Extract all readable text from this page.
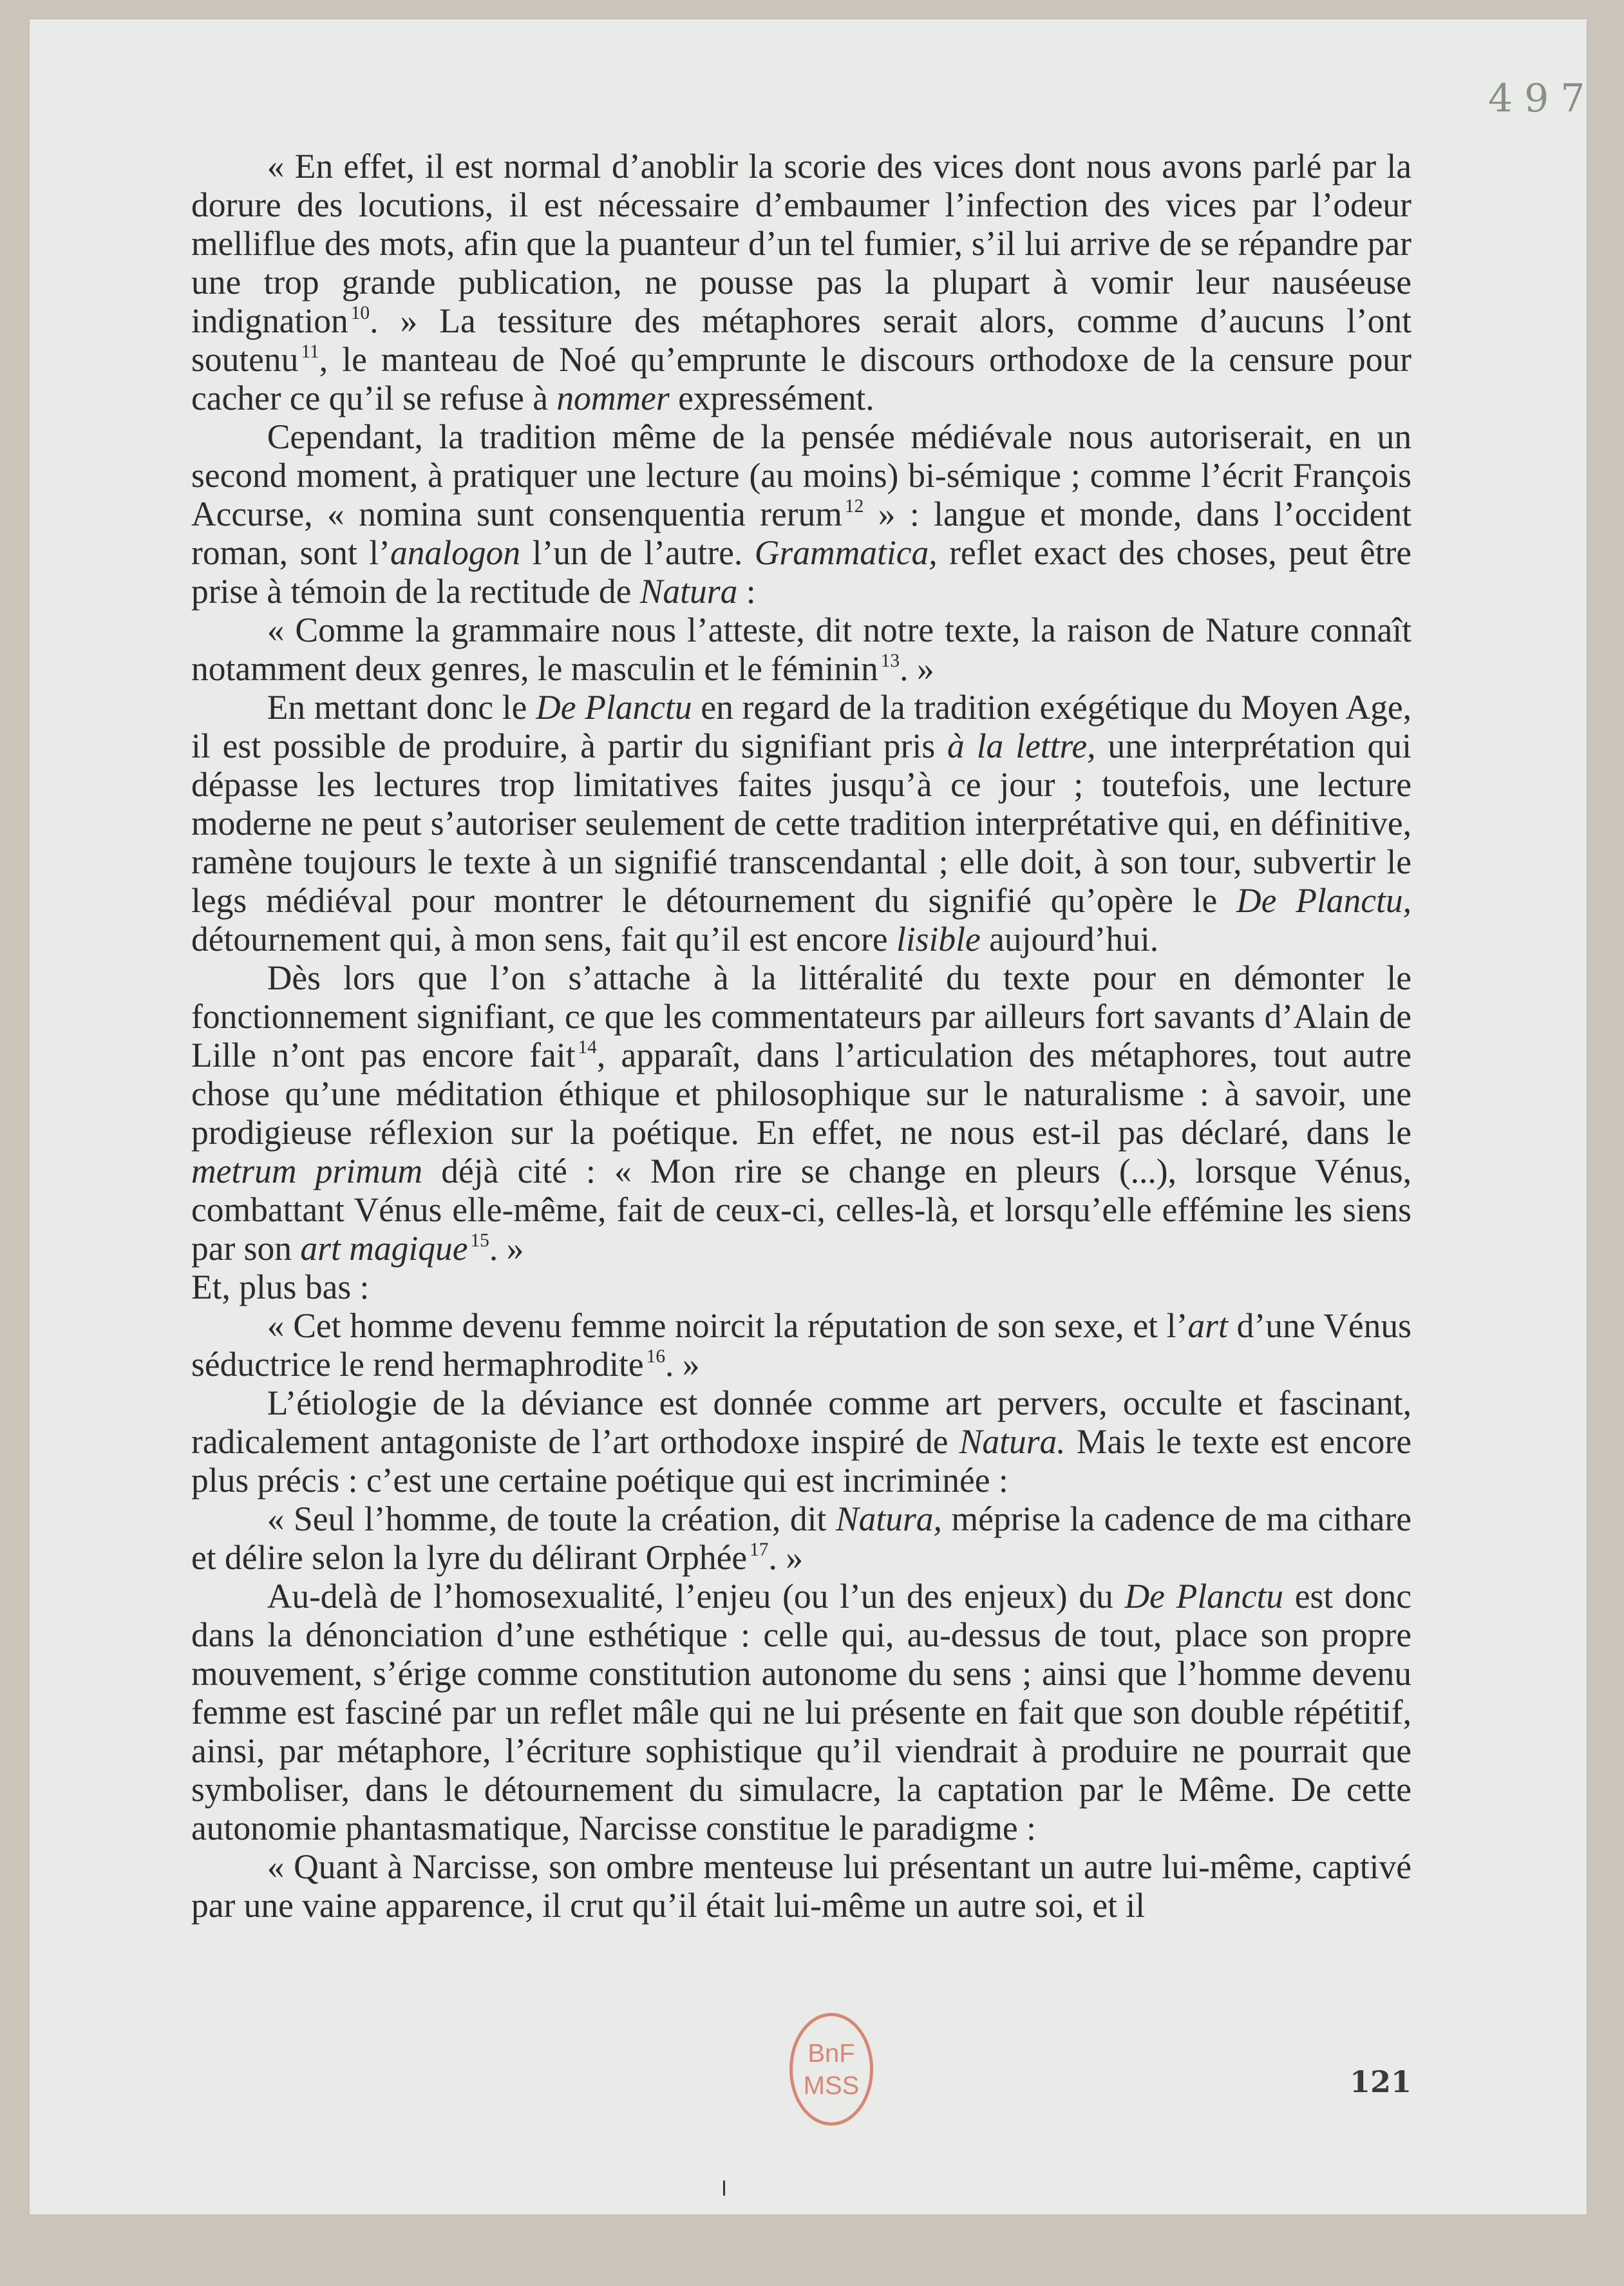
497

« En effet, il est normal d’anoblir la scorie des vices dont nous avons parlé par la dorure des locutions, il est nécessaire d’embaumer l’infection des vices par l’odeur melliflue des mots, afin que la puanteur d’un tel fumier, s’il lui arrive de se répandre par une trop grande publication, ne pousse pas la plupart à vomir leur nauséeuse indignation $^{10}$. » La tessiture des métaphores serait alors, comme d’aucuns l’ont soutenu $^{11}$, le manteau de Noé qu’emprunte le discours orthodoxe de la censure pour cacher ce qu’il se refuse à nommer expressément.

Cependant, la tradition même de la pensée médiévale nous autoriserait, en un second moment, à pratiquer une lecture (au moins) bi-sémique ; comme l’écrit François Accurse, « nomina sunt consenquentia rerum $^{12}$ » : langue et monde, dans l’occident roman, sont l’analogon l’un de l’autre. Grammatica, reflet exact des choses, peut être prise à témoin de la rectitude de Natura :

« Comme la grammaire nous l’atteste, dit notre texte, la raison de Nature connaît notamment deux genres, le masculin et le féminin $^{13}$. »

En mettant donc le De Planctu en regard de la tradition exégétique du Moyen Age, il est possible de produire, à partir du signifiant pris à la lettre, une interprétation qui dépasse les lectures trop limitatives faites jusqu’à ce jour ; toutefois, une lecture moderne ne peut s’autoriser seulement de cette tradition interprétative qui, en définitive, ramène toujours le texte à un signifié transcendantal ; elle doit, à son tour, subvertir le legs médiéval pour montrer le détournement du signifié qu’opère le De Planctu, détournement qui, à mon sens, fait qu’il est encore lisible aujourd’hui.

Dès lors que l’on s’attache à la littéralité du texte pour en démonter le fonctionnement signifiant, ce que les commentateurs par ailleurs fort savants d’Alain de Lille n’ont pas encore fait $^{14}$, apparaît, dans l’articulation des métaphores, tout autre chose qu’une méditation éthique et philosophique sur le naturalisme : à savoir, une prodigieuse réflexion sur la poétique. En effet, ne nous est-il pas déclaré, dans le metrum primum déjà cité : « Mon rire se change en pleurs (...), lorsque Vénus, combattant Vénus elle-même, fait de ceux-ci, celles-là, et lorsqu’elle effémine les siens par son art magique $^{15}$. »

Et, plus bas :

« Cet homme devenu femme noircit la réputation de son sexe, et l’art d’une Vénus séductrice le rend hermaphrodite $^{16}$. »

L’étiologie de la déviance est donnée comme art pervers, occulte et fascinant, radicalement antagoniste de l’art orthodoxe inspiré de Natura. Mais le texte est encore plus précis : c’est une certaine poétique qui est incriminée :

« Seul l’homme, de toute la création, dit Natura, méprise la cadence de ma cithare et délire selon la lyre du délirant Orphée $^{17}$. »

Au-delà de l’homosexualité, l’enjeu (ou l’un des enjeux) du De Planctu est donc dans la dénonciation d’une esthétique : celle qui, au-dessus de tout, place son propre mouvement, s’érige comme constitution autonome du sens ; ainsi que l’homme devenu femme est fasciné par un reflet mâle qui ne lui présente en fait que son double répétitif, ainsi, par métaphore, l’écriture sophistique qu’il viendrait à produire ne pourrait que symboliser, dans le détournement du simulacre, la captation par le Même. De cette autonomie phantasmatique, Narcisse constitue le paradigme :

« Quant à Narcisse, son ombre menteuse lui présentant un autre lui-même, captivé par une vaine apparence, il crut qu’il était lui-même un autre soi, et il

BnF
MSS	121
